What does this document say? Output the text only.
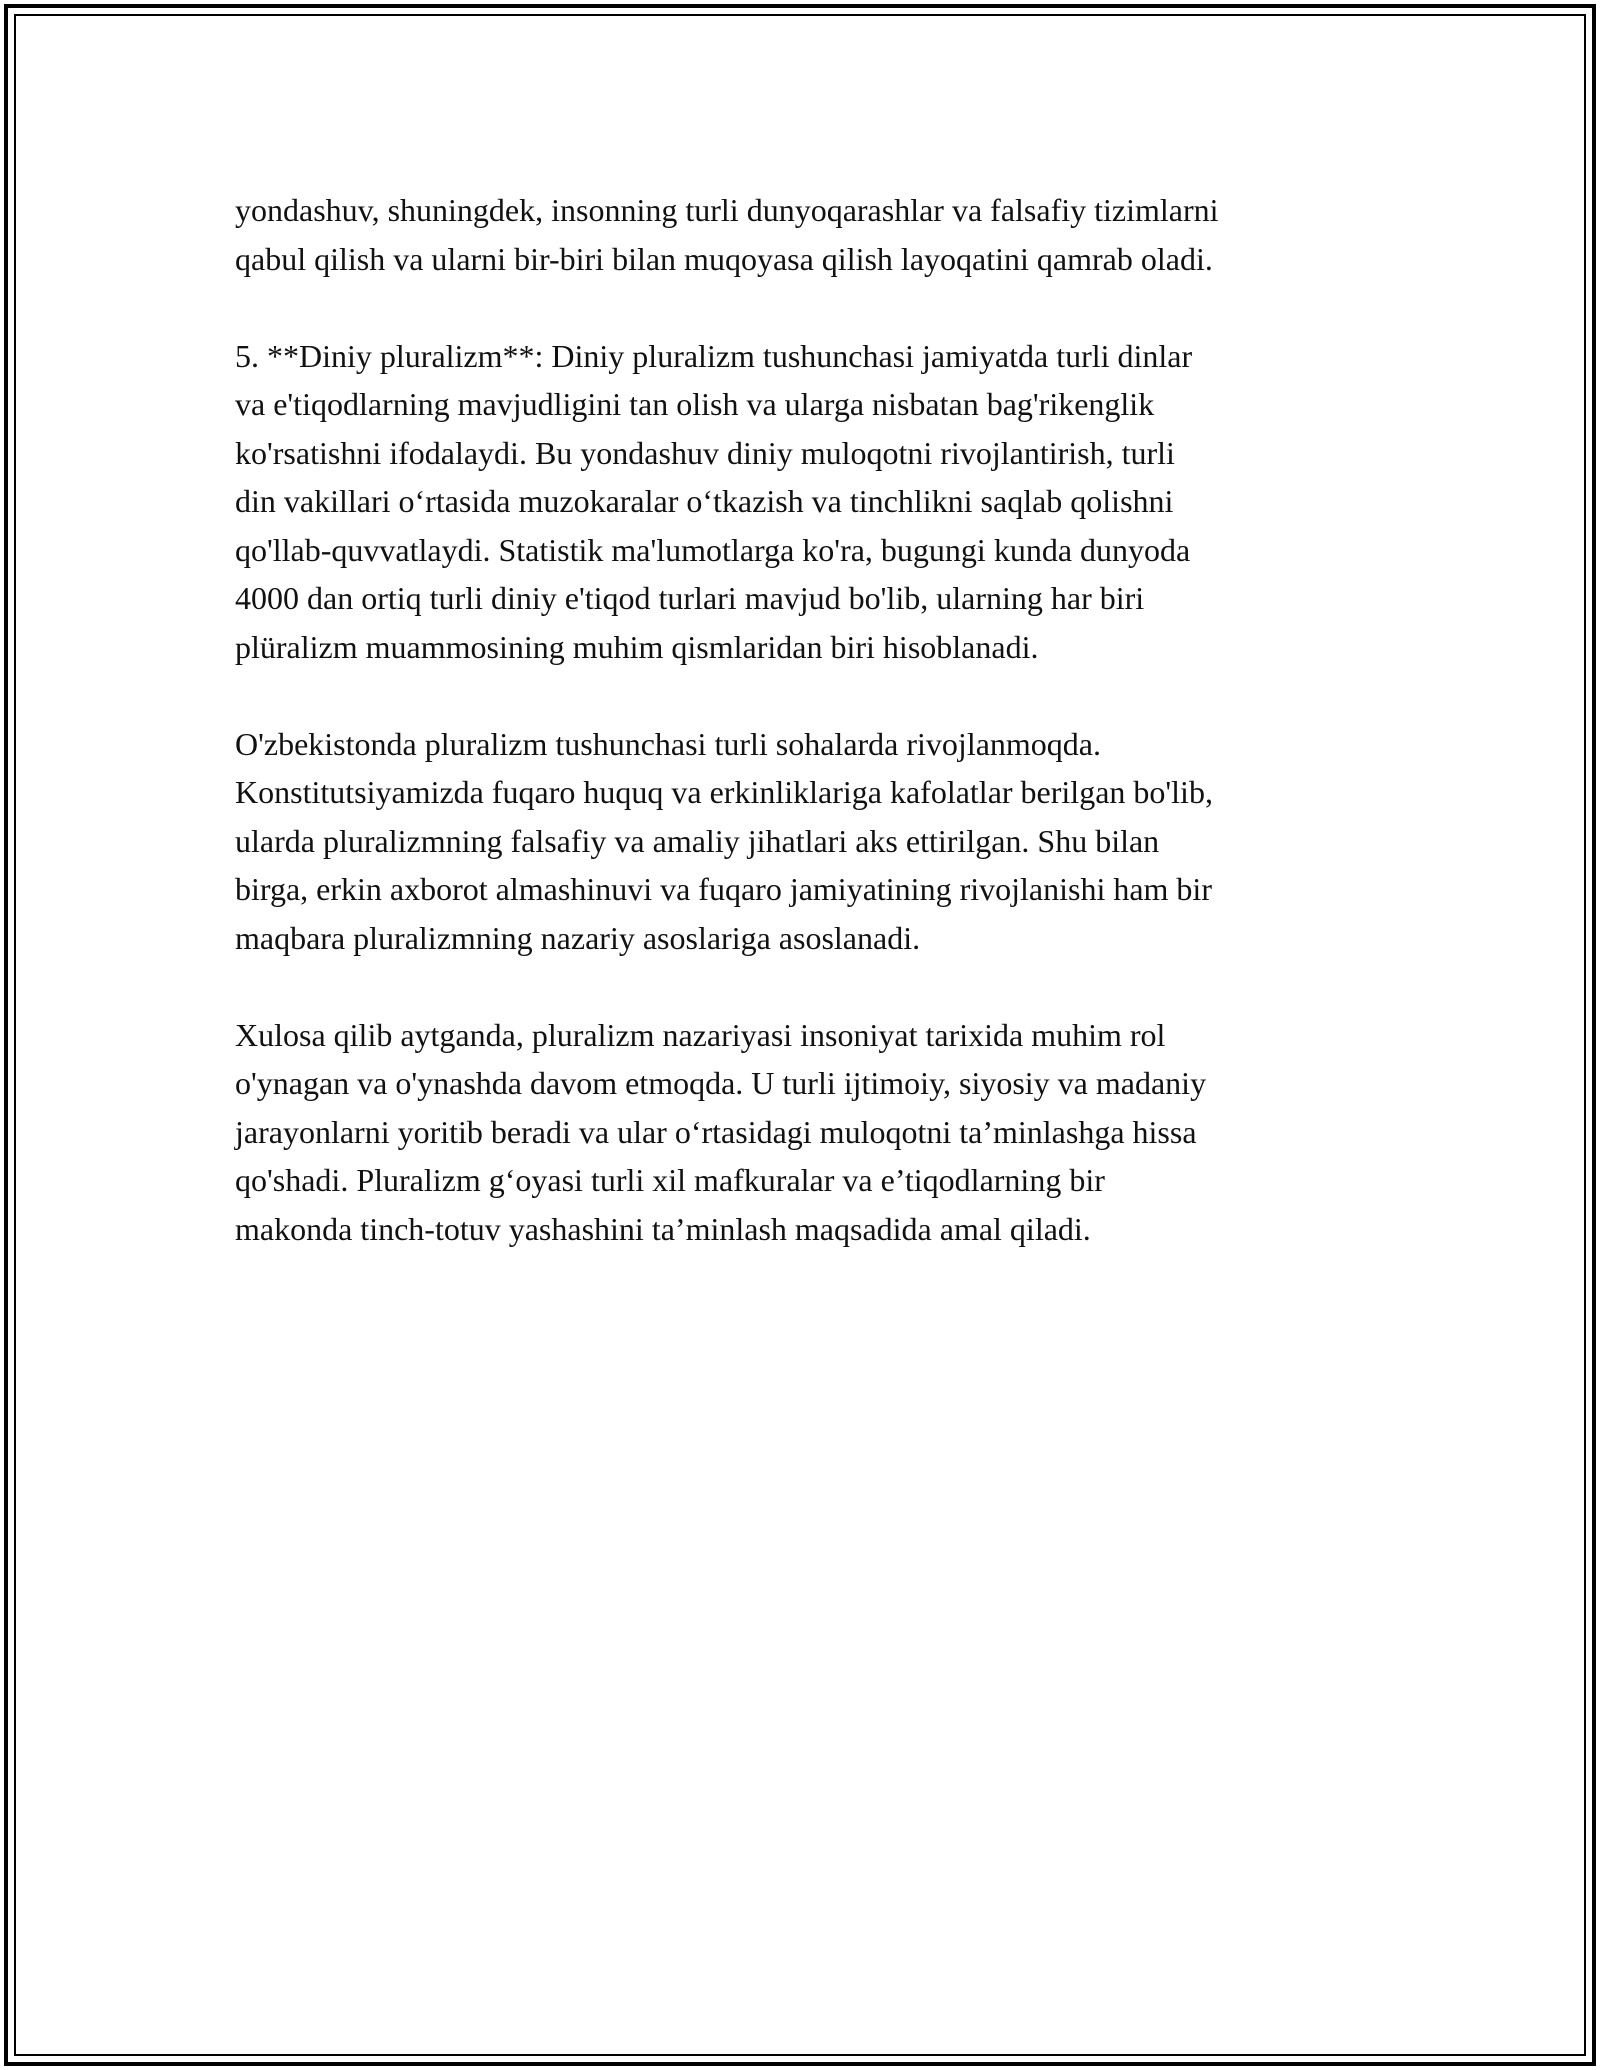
yondashuv, shuningdek, insonning turli dunyoqarashlar va falsafiy tizimlarni
qabul qilish va ularni bir-biri bilan muqoyasa qilish layoqatini qamrab oladi.

5. **Diniy pluralizm**: Diniy pluralizm tushunchasi jamiyatda turli dinlar
va e'tiqodlarning mavjudligini tan olish va ularga nisbatan bag'rikenglik
ko'rsatishni ifodalaydi. Bu yondashuv diniy muloqotni rivojlantirish, turli
din vakillari o‘rtasida muzokaralar o‘tkazish va tinchlikni saqlab qolishni
qo'llab-quvvatlaydi. Statistik ma'lumotlarga ko'ra, bugungi kunda dunyoda
4000 dan ortiq turli diniy e'tiqod turlari mavjud bo'lib, ularning har biri
plüralizm muammosining muhim qismlaridan biri hisoblanadi.

O'zbekistonda pluralizm tushunchasi turli sohalarda rivojlanmoqda.
Konstitutsiyamizda fuqaro huquq va erkinliklariga kafolatlar berilgan bo'lib,
ularda pluralizmning falsafiy va amaliy jihatlari aks ettirilgan. Shu bilan
birga, erkin axborot almashinuvi va fuqaro jamiyatining rivojlanishi ham bir
maqbara pluralizmning nazariy asoslariga asoslanadi.

Xulosa qilib aytganda, pluralizm nazariyasi insoniyat tarixida muhim rol
o'ynagan va o'ynashda davom etmoqda. U turli ijtimoiy, siyosiy va madaniy
jarayonlarni yoritib beradi va ular o‘rtasidagi muloqotni ta’minlashga hissa
qo'shadi. Pluralizm g‘oyasi turli xil mafkuralar va e’tiqodlarning bir
makonda tinch-totuv yashashini ta’minlash maqsadida amal qiladi.
